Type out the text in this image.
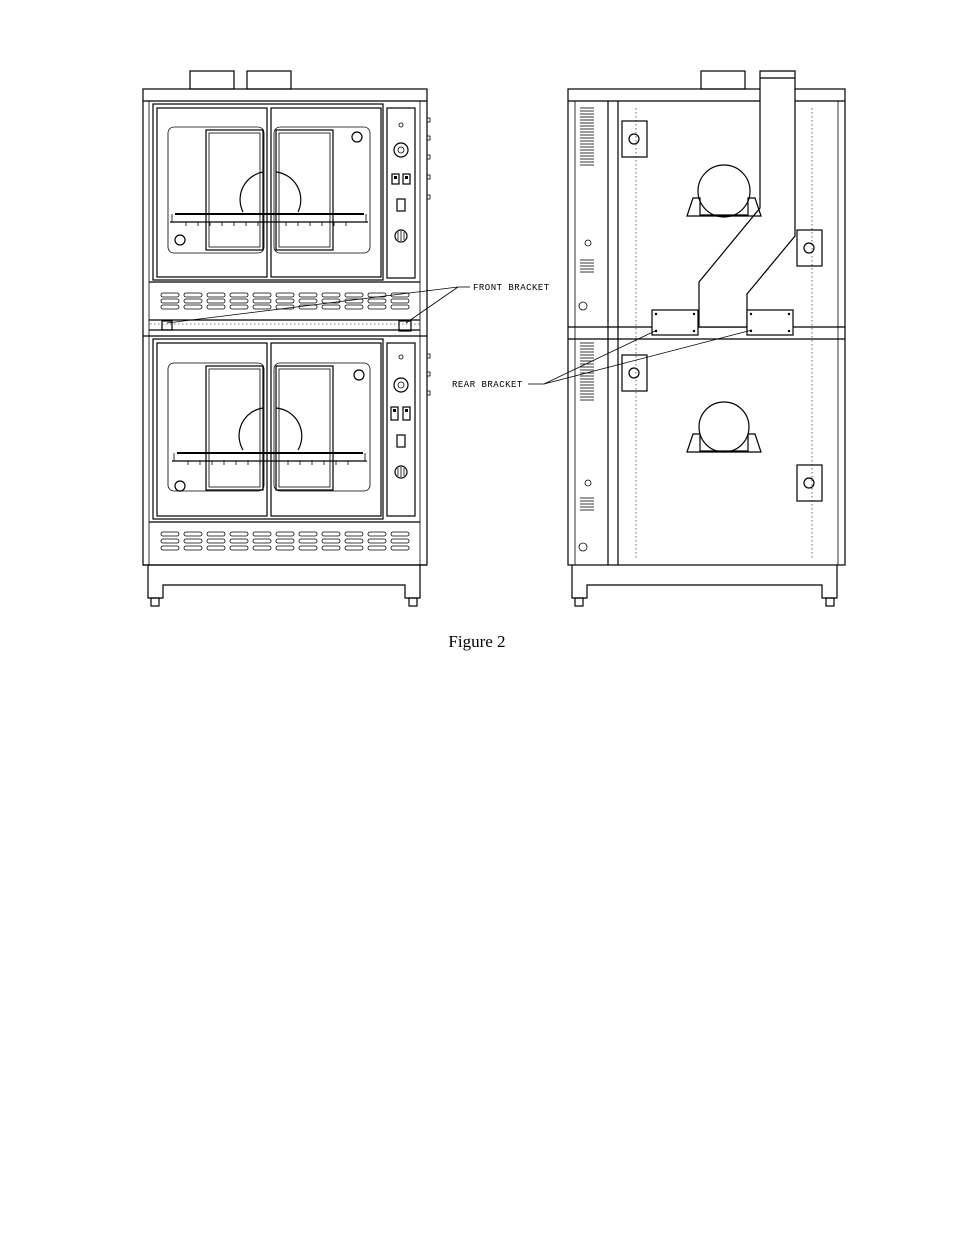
FRONT BRACKET
REAR BRACKET
Figure 2
